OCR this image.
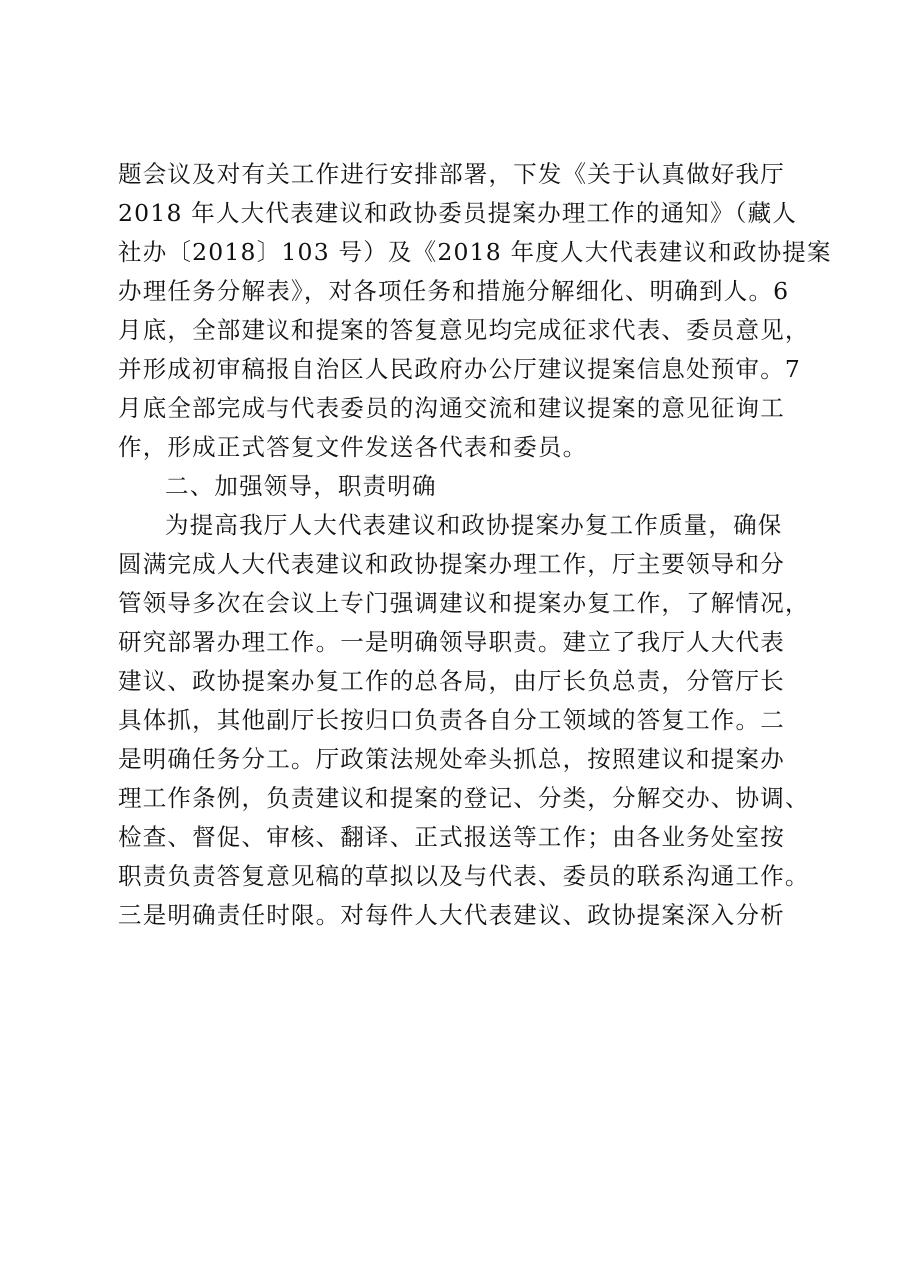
题会议及对有关工作进行安排部署，下发《关于认真做好我厅
2018 年人大代表建议和政协委员提案办理工作的通知》（藏人
社办〔2018〕103 号）及《2018 年度人大代表建议和政协提案
办理任务分解表》，对各项任务和措施分解细化、明确到人。6
月底，全部建议和提案的答复意见均完成征求代表、委员意见，
并形成初审稿报自治区人民政府办公厅建议提案信息处预审。7
月底全部完成与代表委员的沟通交流和建议提案的意见征询工
作，形成正式答复文件发送各代表和委员。
二、加强领导，职责明确
为提高我厅人大代表建议和政协提案办复工作质量，确保
圆满完成人大代表建议和政协提案办理工作，厅主要领导和分
管领导多次在会议上专门强调建议和提案办复工作，了解情况，
研究部署办理工作。一是明确领导职责。建立了我厅人大代表
建议、政协提案办复工作的总各局，由厅长负总责，分管厅长
具体抓，其他副厅长按归口负责各自分工领域的答复工作。二
是明确任务分工。厅政策法规处牵头抓总，按照建议和提案办
理工作条例，负责建议和提案的登记、分类，分解交办、协调、
检查、督促、审核、翻译、正式报送等工作；由各业务处室按
职责负责答复意见稿的草拟以及与代表、委员的联系沟通工作。
三是明确责任时限。对每件人大代表建议、政协提案深入分析
